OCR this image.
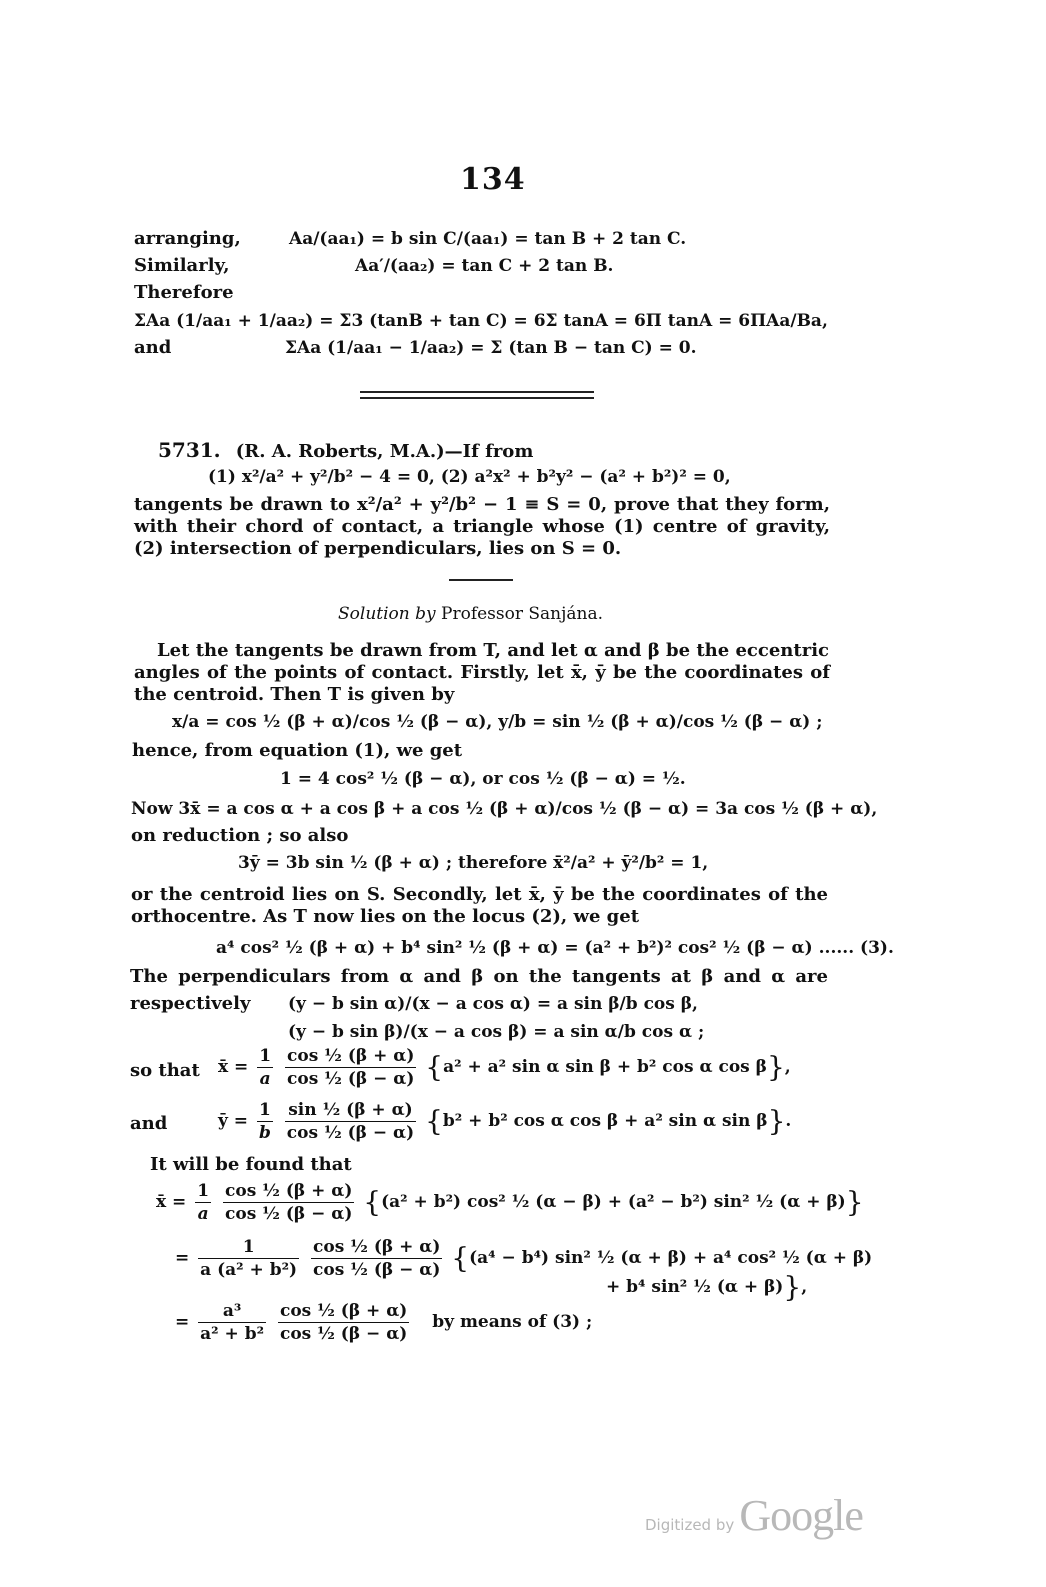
134
arranging,	Aa/(aa₁) = b sin C/(aa₁) = tan B + 2 tan C.
Similarly,	Aa′/(aa₂) = tan C + 2 tan B.
Therefore
ΣAa (1/aa₁ + 1/aa₂) = Σ3 (tanB + tan C) = 6Σ tanA = 6Π tanA = 6ΠAa/Ba,
and	ΣAa (1/aa₁ − 1/aa₂) = Σ (tan B − tan C) = 0.
5731. (R. A. Roberts, M.A.)—If from
(1) x²/a² + y²/b² − 4 = 0, (2) a²x² + b²y² − (a² + b²)² = 0,
tangents be drawn to x²/a² + y²/b² − 1 ≡ S = 0, prove that they form,
with their chord of contact, a triangle whose (1) centre of gravity,
(2) intersection of perpendiculars, lies on S = 0.
Solution by Professor Sanjána.
Let the tangents be drawn from T, and let α and β be the eccentric
angles of the points of contact. Firstly, let x̄, ȳ be the coordinates of
the centroid. Then T is given by
x/a = cos ½ (β + α)/cos ½ (β − α), y/b = sin ½ (β + α)/cos ½ (β − α) ;
hence, from equation (1), we get
1 = 4 cos² ½ (β − α), or cos ½ (β − α) = ½.
Now 3x̄ = a cos α + a cos β + a cos ½ (β + α)/cos ½ (β − α) = 3a cos ½ (β + α),
on reduction ; so also
3ȳ = 3b sin ½ (β + α) ; therefore x̄²/a² + ȳ²/b² = 1,
or the centroid lies on S. Secondly, let x̄, ȳ be the coordinates of the
orthocentre. As T now lies on the locus (2), we get
a⁴ cos² ½ (β + α) + b⁴ sin² ½ (β + α) = (a² + b²)² cos² ½ (β − α) ...... (3).
The perpendiculars from α and β on the tangents at β and α are
respectively (y − b sin α)/(x − a cos α) = a sin β/b cos β,
(y − b sin β)/(x − a cos β) = a sin α/b cos α ;
so that x̄ = $\frac{1}{a}$
$\frac{\text{cos ½ (β + α)}}{\text{cos ½ (β − α)}} \{a^2 + a^2$ sin α sin β + b² cos α cos β},
and	ȳ = $\frac{1}{b}$
$\frac{\text{sin ½ (β + α)}}{\text{cos ½ (β − α)}} \{b^2 + b^2$ cos α cos β + a² sin α sin β}.
It will be found that
x̄ = $\frac{1}{a}$
$\frac{\text{cos ½ (β + α)}}{\text{cos ½ (β − α)}} \{(a^2 + b^2)$ cos² ½ (α − β) + (a² − b²) sin² ½ (α + β)}
= $\frac{1}{\text{a (a² + b²)}}$
$\frac{\text{cos ½ (β + α)}}{\text{cos ½ (β − α)}} \{(a^4 - b^4)$ sin² ½ (α + β) + a⁴ cos² ½ (α + β)
+ b⁴ sin² ½ (α + β)},
= $\frac{\text{a³}}{\text{a² + b²}}$
$\frac{\text{cos ½ (β + α)}}{\text{cos ½ (β − α)}}$ by means of (3) ;
Digitized by Google
